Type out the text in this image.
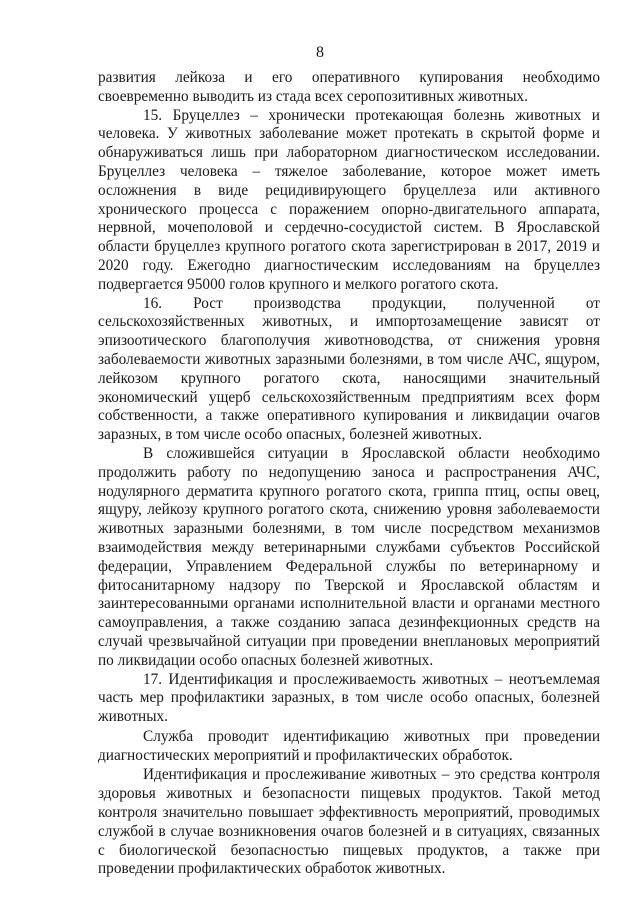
8

развития лейкоза и его оперативного купирования необходимо своевременно выводить из стада всех серопозитивных животных.

15. Бруцеллез – хронически протекающая болезнь животных и человека. У животных заболевание может протекать в скрытой форме и обнаруживаться лишь при лабораторном диагностическом исследовании. Бруцеллез человека – тяжелое заболевание, которое может иметь осложнения в виде рецидивирующего бруцеллеза или активного хронического процесса с поражением опорно-двигательного аппарата, нервной, мочеполовой и сердечно-сосудистой систем. В Ярославской области бруцеллез крупного рогатого скота зарегистрирован в 2017, 2019 и 2020 году. Ежегодно диагностическим исследованиям на бруцеллез подвергается 95000 голов крупного и мелкого рогатого скота.

16. Рост производства продукции, полученной от сельскохозяйственных животных, и импортозамещение зависят от эпизоотического благополучия животноводства, от снижения уровня заболеваемости животных заразными болезнями, в том числе АЧС, ящуром, лейкозом крупного рогатого скота, наносящими значительный экономический ущерб сельскохозяйственным предприятиям всех форм собственности, а также оперативного купирования и ликвидации очагов заразных, в том числе особо опасных, болезней животных.

В сложившейся ситуации в Ярославской области необходимо продолжить работу по недопущению заноса и распространения АЧС, нодулярного дерматита крупного рогатого скота, гриппа птиц, оспы овец, ящуру, лейкозу крупного рогатого скота, снижению уровня заболеваемости животных заразными болезнями, в том числе посредством механизмов взаимодействия между ветеринарными службами субъектов Российской федерации, Управлением Федеральной службы по ветеринарному и фитосанитарному надзору по Тверской и Ярославской областям и заинтересованными органами исполнительной власти и органами местного самоуправления, а также созданию запаса дезинфекционных средств на случай чрезвычайной ситуации при проведении внеплановых мероприятий по ликвидации особо опасных болезней животных.

17. Идентификация и прослеживаемость животных – неотъемлемая часть мер профилактики заразных, в том числе особо опасных, болезней животных.

Служба проводит идентификацию животных при проведении диагностических мероприятий и профилактических обработок.

Идентификация и прослеживание животных – это средства контроля здоровья животных и безопасности пищевых продуктов. Такой метод контроля значительно повышает эффективность мероприятий, проводимых службой в случае возникновения очагов болезней и в ситуациях, связанных с биологической безопасностью пищевых продуктов, а также при проведении профилактических обработок животных.
